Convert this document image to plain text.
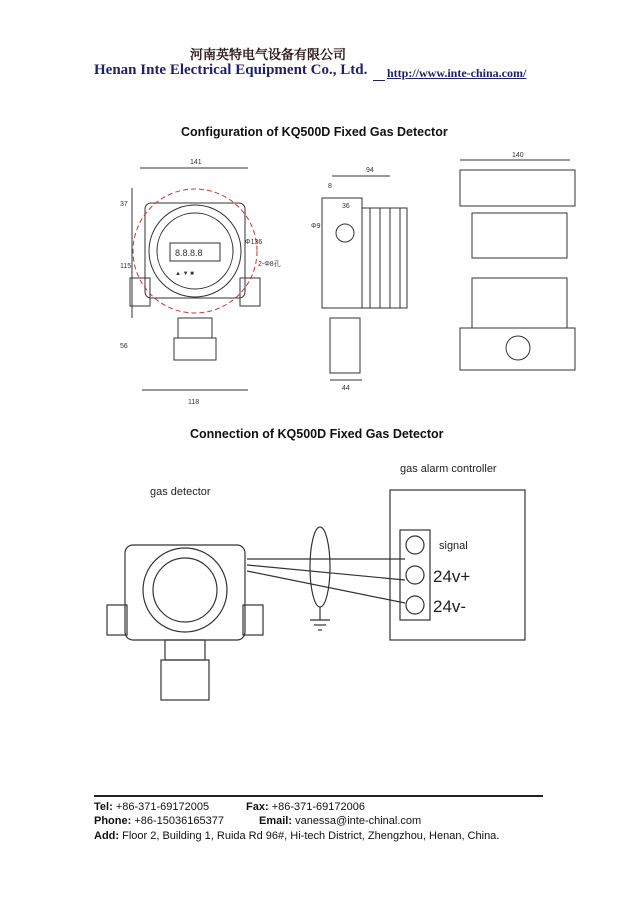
河南英特电气设备有限公司
Henan Inte Electrical Equipment Co., Ltd. http://www.inte-china.com/
Configuration of KQ500D Fixed Gas Detector
Connection of KQ500D Fixed Gas Detector
141
118
115
37
56
Φ136
2-Φ8孔
94
8
36
Φ9
44
140
8.8.8.8
▲ ▼ ■
gas detector
gas alarm controller
signal
24v+
24v-
Tel: +86-371-69172005	Fax: +86-371-69172006
Phone: +86-15036165377	Email: vanessa@inte-chinal.com
Add: Floor 2, Building 1, Ruida Rd 96#, Hi-tech District, Zhengzhou, Henan, China.
